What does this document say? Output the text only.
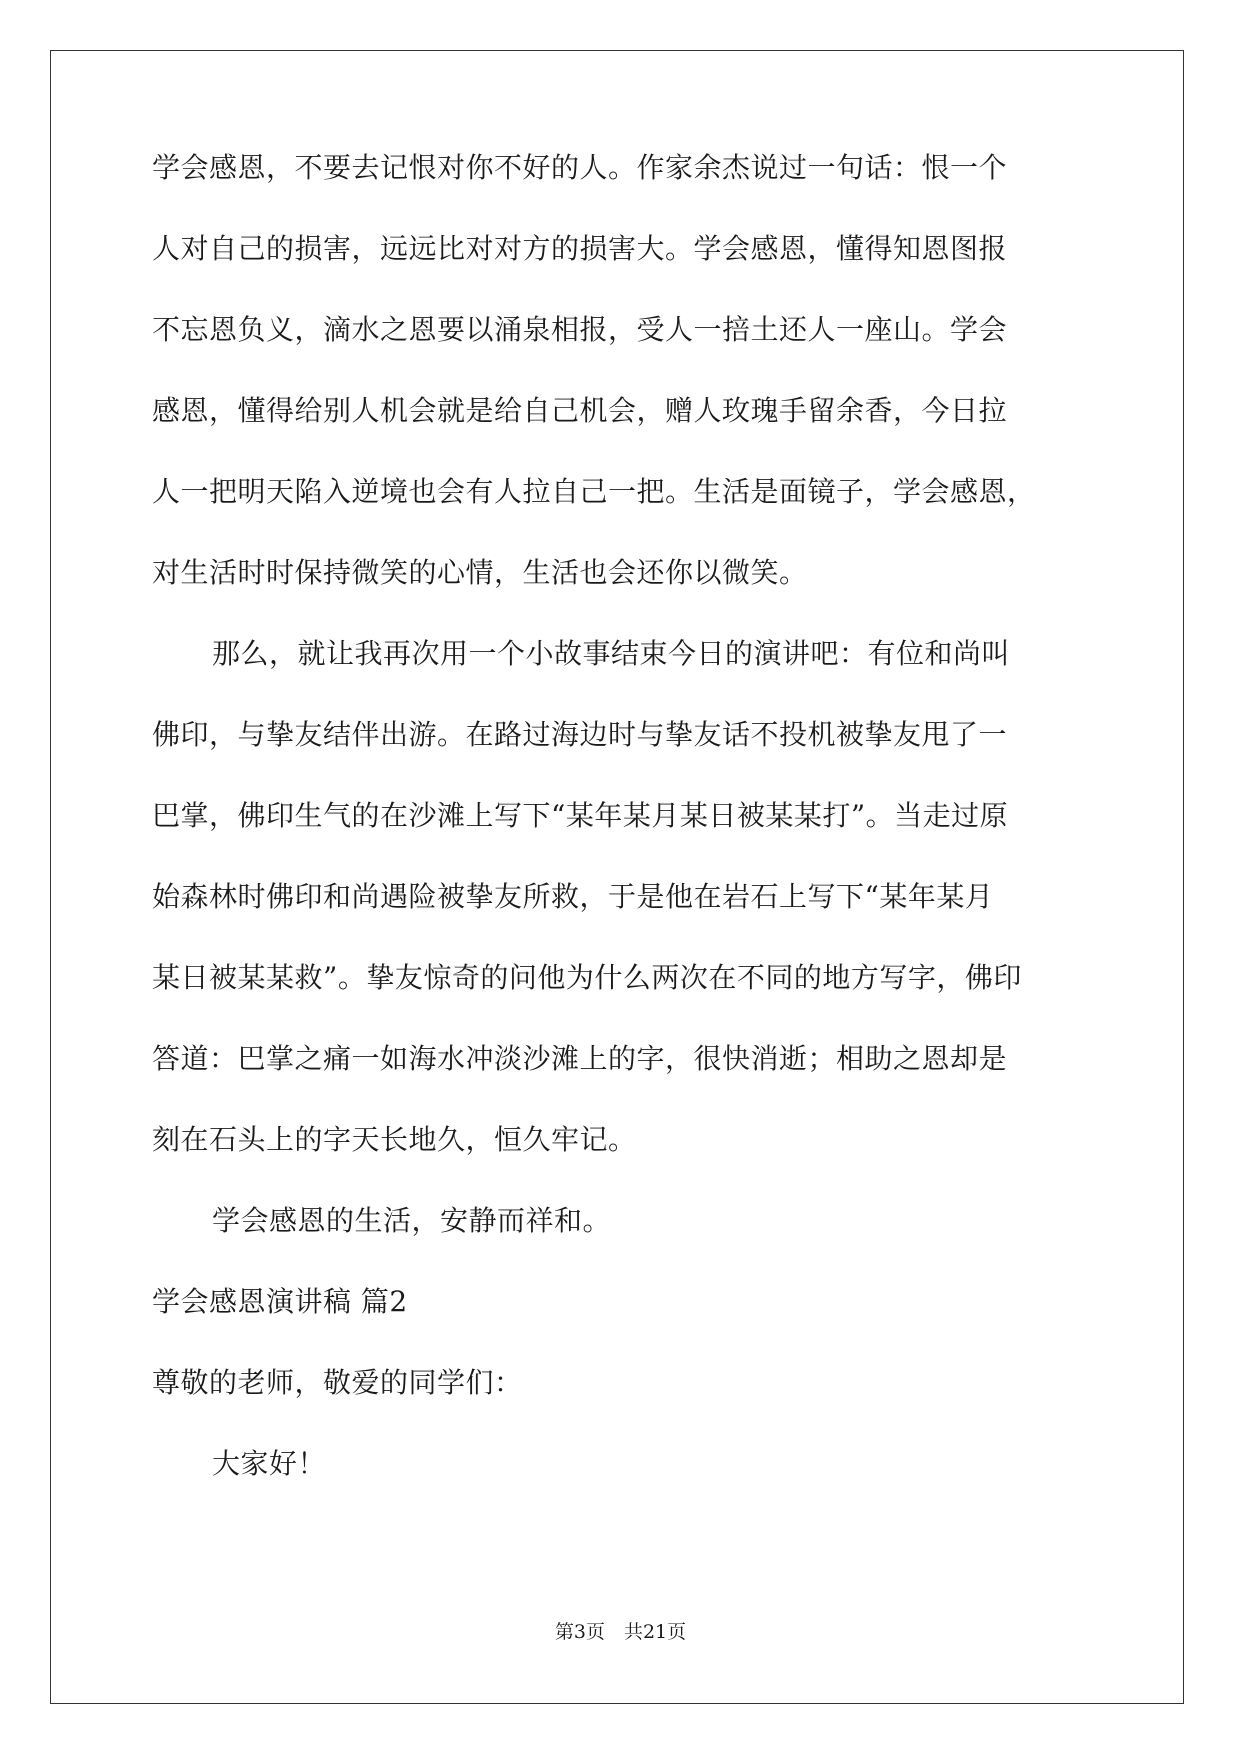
学会感恩，不要去记恨对你不好的人。作家余杰说过一句话：恨一个
人对自己的损害，远远比对对方的损害大。学会感恩，懂得知恩图报
不忘恩负义，滴水之恩要以涌泉相报，受人一掊土还人一座山。学会
感恩，懂得给别人机会就是给自己机会，赠人玫瑰手留余香，今日拉
人一把明天陷入逆境也会有人拉自己一把。生活是面镜子，学会感恩，
对生活时时保持微笑的心情，生活也会还你以微笑。
那么，就让我再次用一个小故事结束今日的演讲吧：有位和尚叫
佛印，与挚友结伴出游。在路过海边时与挚友话不投机被挚友甩了一
巴掌，佛印生气的在沙滩上写下“某年某月某日被某某打”。当走过原
始森林时佛印和尚遇险被挚友所救，于是他在岩石上写下“某年某月
某日被某某救”。挚友惊奇的问他为什么两次在不同的地方写字，佛印
答道：巴掌之痛一如海水冲淡沙滩上的字，很快消逝；相助之恩却是
刻在石头上的字天长地久，恒久牢记。
学会感恩的生活，安静而祥和。
学会感恩演讲稿 篇2
尊敬的老师，敬爱的同学们：
大家好！
第3页　共21页
